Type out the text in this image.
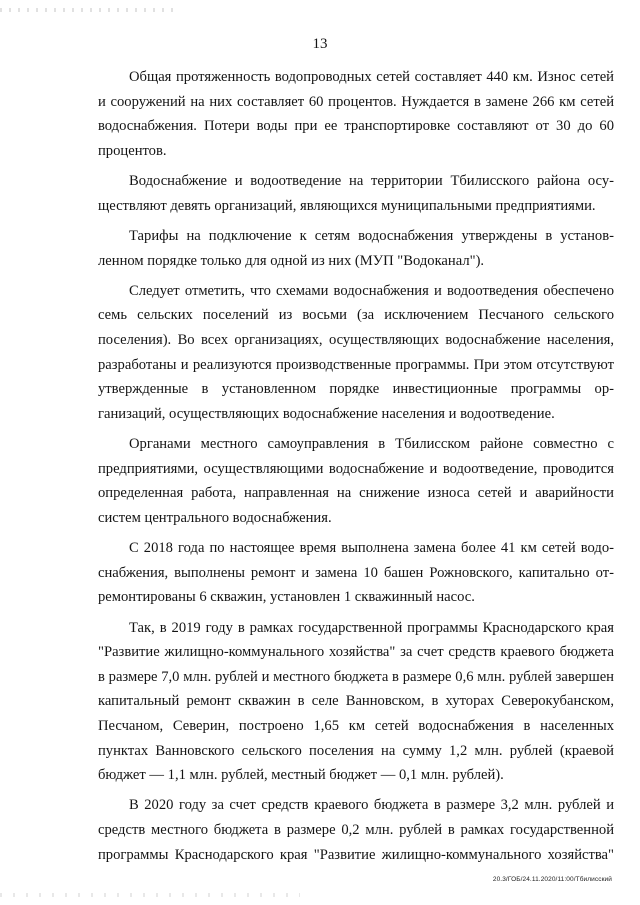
13

Общая протяженность водопроводных сетей составляет 440 км. Износ сетей и сооружений на них составляет 60 процентов. Нуждается в замене 266 км сетей водоснабжения. Потери воды при ее транспортировке составляют от 30 до 60 процентов.

Водоснабжение и водоотведение на территории Тбилисского района осуществляют девять организаций, являющихся муниципальными предприятиями.

Тарифы на подключение к сетям водоснабжения утверждены в установленном порядке только для одной из них (МУП "Водоканал").

Следует отметить, что схемами водоснабжения и водоотведения обеспечено семь сельских поселений из восьми (за исключением Песчаного сельского поселения). Во всех организациях, осуществляющих водоснабжение населения, разработаны и реализуются производственные программы. При этом отсутствуют утвержденные в установленном порядке инвестиционные программы организаций, осуществляющих водоснабжение населения и водоотведение.

Органами местного самоуправления в Тбилисском районе совместно с предприятиями, осуществляющими водоснабжение и водоотведение, проводится определенная работа, направленная на снижение износа сетей и аварийности систем центрального водоснабжения.

С 2018 года по настоящее время выполнена замена более 41 км сетей водоснабжения, выполнены ремонт и замена 10 башен Рожновского, капитально отремонтированы 6 скважин, установлен 1 скважинный насос.

Так, в 2019 году в рамках государственной программы Краснодарского края "Развитие жилищно-коммунального хозяйства" за счет средств краевого бюджета в размере 7,0 млн. рублей и местного бюджета в размере 0,6 млн. рублей завершен капитальный ремонт скважин в селе Ванновском, в хуторах Северокубанском, Песчаном, Северин, построено 1,65 км сетей водоснабжения в населенных пунктах Ванновского сельского поселения на сумму 1,2 млн. рублей (краевой бюджет — 1,1 млн. рублей, местный бюджет — 0,1 млн. рублей).

В 2020 году за счет средств краевого бюджета в размере 3,2 млн. рублей и средств местного бюджета в размере 0,2 млн. рублей в рамках государственной программы Краснодарского края "Развитие жилищно-коммунального хозяйства"

20.3/ГОБ/24.11.2020/11:00/Тбилисский
